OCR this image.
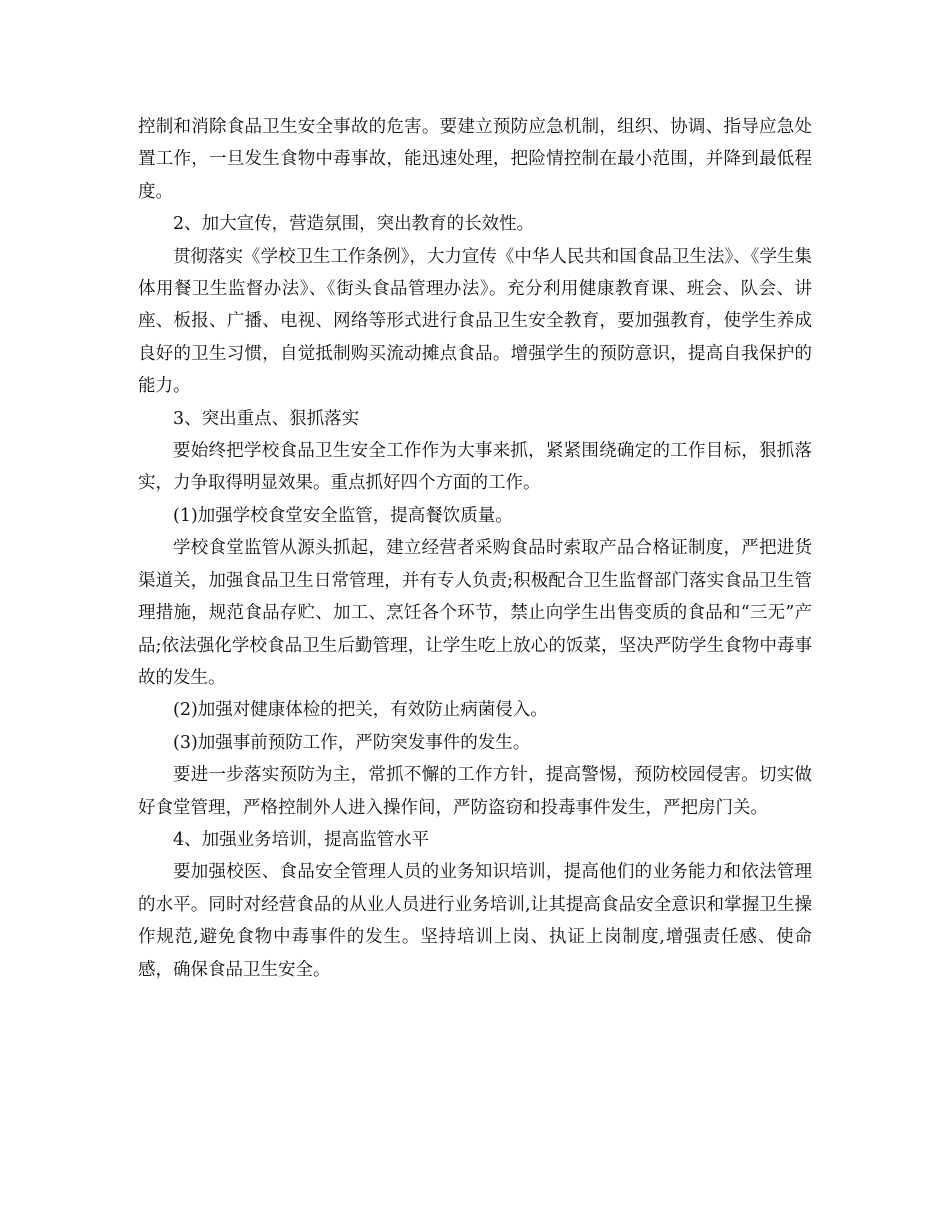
控制和消除食品卫生安全事故的危害。要建立预防应急机制，组织、协调、指导应急处置工作，一旦发生食物中毒事故，能迅速处理，把险情控制在最小范围，并降到最低程度。

2、加大宣传，营造氛围，突出教育的长效性。

贯彻落实《学校卫生工作条例》，大力宣传《中华人民共和国食品卫生法》、《学生集体用餐卫生监督办法》、《街头食品管理办法》。充分利用健康教育课、班会、队会、讲座、板报、广播、电视、网络等形式进行食品卫生安全教育，要加强教育，使学生养成良好的卫生习惯，自觉抵制购买流动摊点食品。增强学生的预防意识，提高自我保护的能力。

3、突出重点、狠抓落实

要始终把学校食品卫生安全工作作为大事来抓，紧紧围绕确定的工作目标，狠抓落实，力争取得明显效果。重点抓好四个方面的工作。

(1)加强学校食堂安全监管，提高餐饮质量。

学校食堂监管从源头抓起，建立经营者采购食品时索取产品合格证制度，严把进货渠道关，加强食品卫生日常管理，并有专人负责;积极配合卫生监督部门落实食品卫生管理措施，规范食品存贮、加工、烹饪各个环节，禁止向学生出售变质的食品和“三无”产品;依法强化学校食品卫生后勤管理，让学生吃上放心的饭菜，坚决严防学生食物中毒事故的发生。

(2)加强对健康体检的把关，有效防止病菌侵入。

(3)加强事前预防工作，严防突发事件的发生。

要进一步落实预防为主，常抓不懈的工作方针，提高警惕，预防校园侵害。切实做好食堂管理，严格控制外人进入操作间，严防盗窃和投毒事件发生，严把房门关。

4、加强业务培训，提高监管水平

要加强校医、食品安全管理人员的业务知识培训，提高他们的业务能力和依法管理的水平。同时对经营食品的从业人员进行业务培训,让其提高食品安全意识和掌握卫生操作规范,避免食物中毒事件的发生。坚持培训上岗、执证上岗制度,增强责任感、使命感，确保食品卫生安全。
